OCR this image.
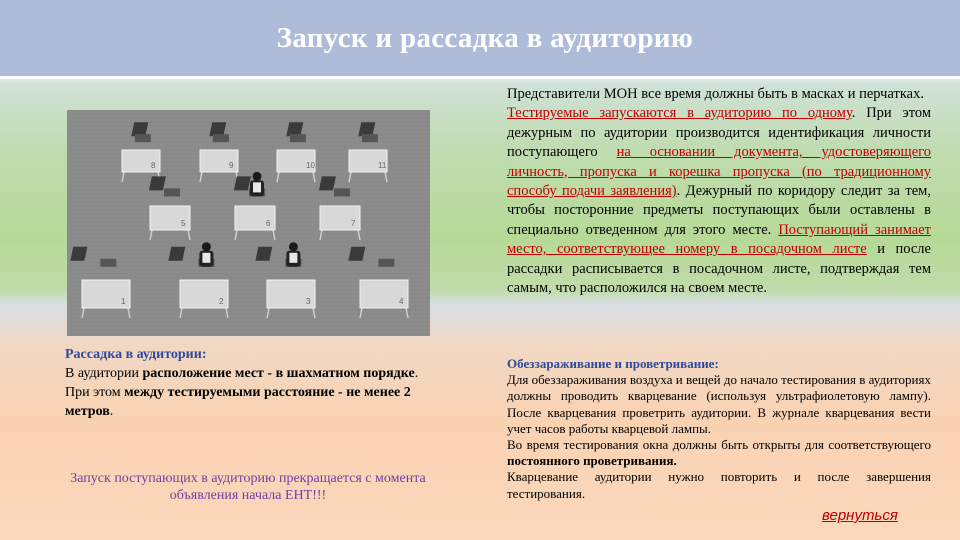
Запуск и рассадка в аудиторию
8	9	10	11
5	6	7
1	2	3	4

Рассадка в аудитории:

В аудитории расположение мест - в шахматном порядке. При этом между тестируемыми расстояние - не менее 2 метров.

Запуск поступающих в аудиторию прекращается с момента объявления начала ЕНТ!!!
Представители МОН все время должны быть в масках и перчатках.
Тестируемые запускаются в аудиторию по одному. При этом дежурным по аудитории производится идентификация личности поступающего на основании документа, удостоверяющего личность, пропуска и корешка пропуска (по традиционному способу подачи заявления). Дежурный по коридору следит за тем, чтобы посторонние предметы поступающих были оставлены в специально отведенном для этого месте. Поступающий занимает место, соответствующее номеру в посадочном листе и после рассадки расписывается в посадочном листе, подтверждая тем самым, что расположился на своем месте.

Обеззараживание и проветривание:

Для обеззараживания воздуха и вещей до начало тестирования в аудиториях должны проводить кварцевание (используя ультрафиолетовую лампу). После кварцевания проветрить аудитории. В журнале кварцевания вести учет часов работы кварцевой лампы.

Во время тестирования окна должны быть открыты для соответствующего постоянного проветривания.

Кварцевание аудитории нужно повторить и после завершения тестирования.

вернуться
